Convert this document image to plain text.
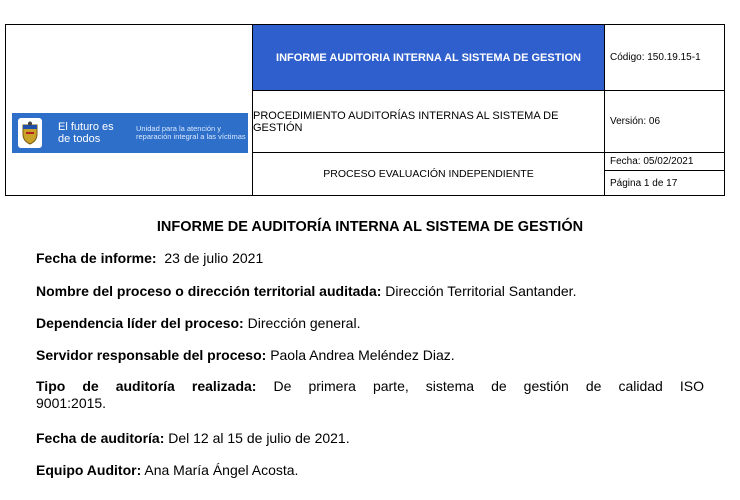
El futuro es de todos
Unidad para la atención y reparación integral a las víctimas
INFORME AUDITORIA INTERNA AL SISTEMA DE GESTION
PROCEDIMIENTO AUDITORÍAS INTERNAS AL SISTEMA DE GESTIÓN
PROCESO EVALUACIÓN INDEPENDIENTE
Código: 150.19.15-1
Versión: 06
Fecha: 05/02/2021
Página 1 de 17
INFORME DE AUDITORÍA INTERNA AL SISTEMA DE GESTIÓN
Fecha de informe: 23 de julio 2021
Nombre del proceso o dirección territorial auditada: Dirección Territorial Santander.
Dependencia líder del proceso: Dirección general.
Servidor responsable del proceso: Paola Andrea Meléndez Diaz.
Tipo de auditoría realizada: De primera parte, sistema de gestión de calidad ISO
9001:2015.
Fecha de auditoría: Del 12 al 15 de julio de 2021.
Equipo Auditor: Ana María Ángel Acosta.
